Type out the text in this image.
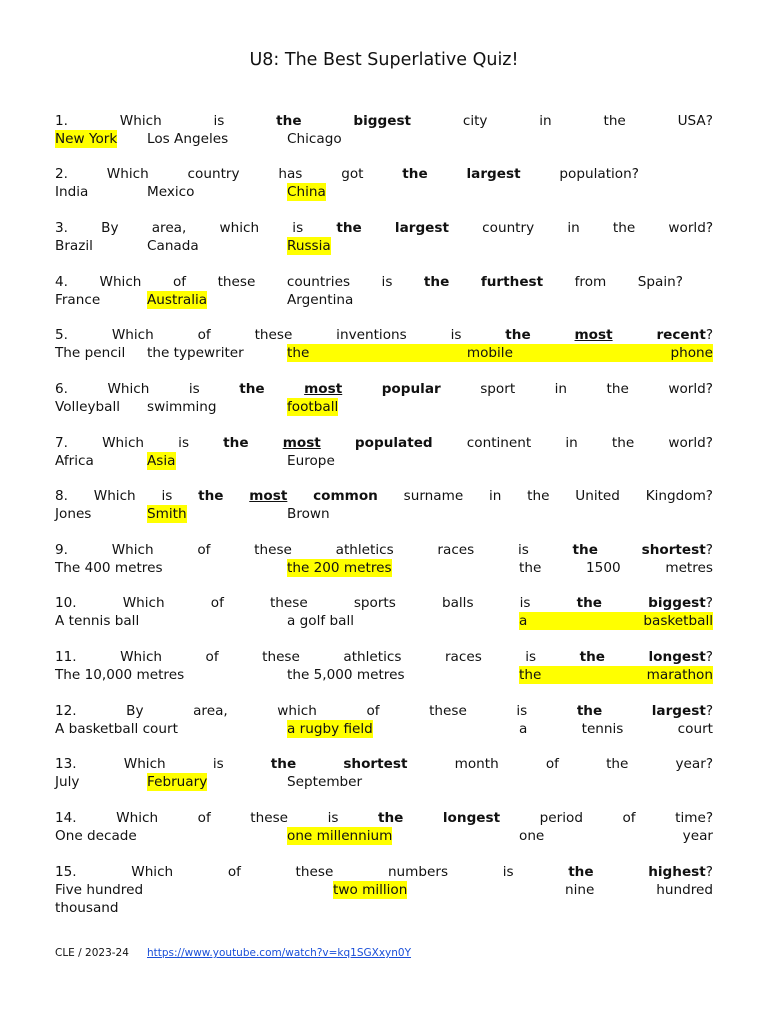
U8: The Best Superlative Quiz!
1.	Which	is	the	biggest	city	in	the	USA?
New York Los Angeles	Chicago
2.	Which	country	has	got	the	largest	population?
India	Mexico	China
3. By area, which is the largest country in the world?
Brazil	Canada	Russia
4. Which of these countries is the furthest from Spain?
France	Australia	Argentina
5.	Which	of	these	inventions	is	the	most	recent?
The pencil the typewriter	the	mobile	phone
6.	Which	is	the	most	popular	sport	in	the	world?
Volleyball swimming	football
7.	Which	is	the	most	populated	continent	in	the	world?
Africa	Asia	Europe
8. Which is the most common surname in the United Kingdom?
Jones	Smith	Brown
9.	Which	of	these	athletics	races	is	the	shortest?
The 400 metres	the 200 metres	the	1500	metres
10.	Which	of	these	sports	balls	is	the	biggest?
A tennis ball	a golf ball	a	basketball
11.	Which	of	these	athletics	races	is	the	longest?
The 10,000 metres	the 5,000 metres	the	marathon
12.	By	area,	which	of	these	is	the	largest?
A basketball court	a rugby field	a	tennis	court
13.	Which	is	the	shortest	month	of	the	year?
July	February	September
14.	Which	of	these	is	the	longest	period	of	time?
One decade	one millennium	one	year
15.	Which	of	these	numbers	is	the	highest?
Five hundred	two million	nine	hundred
thousand
CLE / 2023-24 https://www.youtube.com/watch?v=kq1SGXxyn0Y
